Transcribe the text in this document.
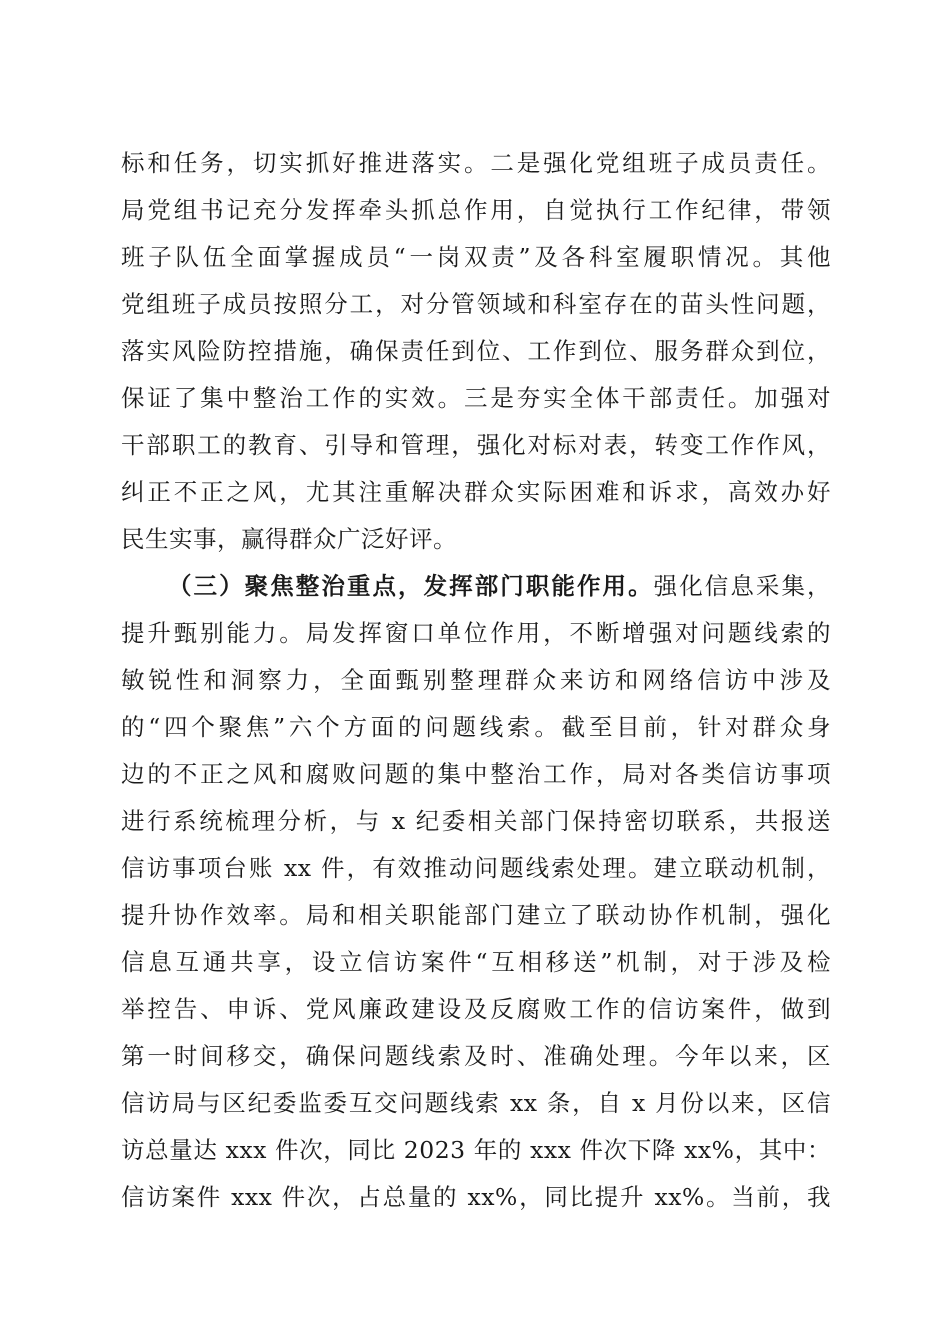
标和任务，切实抓好推进落实。二是强化党组班子成员责任。
局党组书记充分发挥牵头抓总作用，自觉执行工作纪律，带领
班子队伍全面掌握成员“一岗双责”及各科室履职情况。其他
党组班子成员按照分工，对分管领域和科室存在的苗头性问题，
落实风险防控措施，确保责任到位、工作到位、服务群众到位，
保证了集中整治工作的实效。三是夯实全体干部责任。加强对
干部职工的教育、引导和管理，强化对标对表，转变工作作风，
纠正不正之风，尤其注重解决群众实际困难和诉求，高效办好
民生实事，赢得群众广泛好评。
（三）聚焦整治重点，发挥部门职能作用。强化信息采集，
提升甄别能力。局发挥窗口单位作用，不断增强对问题线索的
敏锐性和洞察力，全面甄别整理群众来访和网络信访中涉及
的“四个聚焦”六个方面的问题线索。截至目前，针对群众身
边的不正之风和腐败问题的集中整治工作，局对各类信访事项
进行系统梳理分析，与 x 纪委相关部门保持密切联系，共报送
信访事项台账 xx 件，有效推动问题线索处理。建立联动机制，
提升协作效率。局和相关职能部门建立了联动协作机制，强化
信息互通共享，设立信访案件“互相移送”机制，对于涉及检
举控告、申诉、党风廉政建设及反腐败工作的信访案件，做到
第一时间移交，确保问题线索及时、准确处理。今年以来，区
信访局与区纪委监委互交问题线索 xx 条，自 x 月份以来，区信
访总量达 xxx 件次，同比 2023 年的 xxx 件次下降 xx%，其中：
信访案件 xxx 件次，占总量的 xx%，同比提升 xx%。当前，我
